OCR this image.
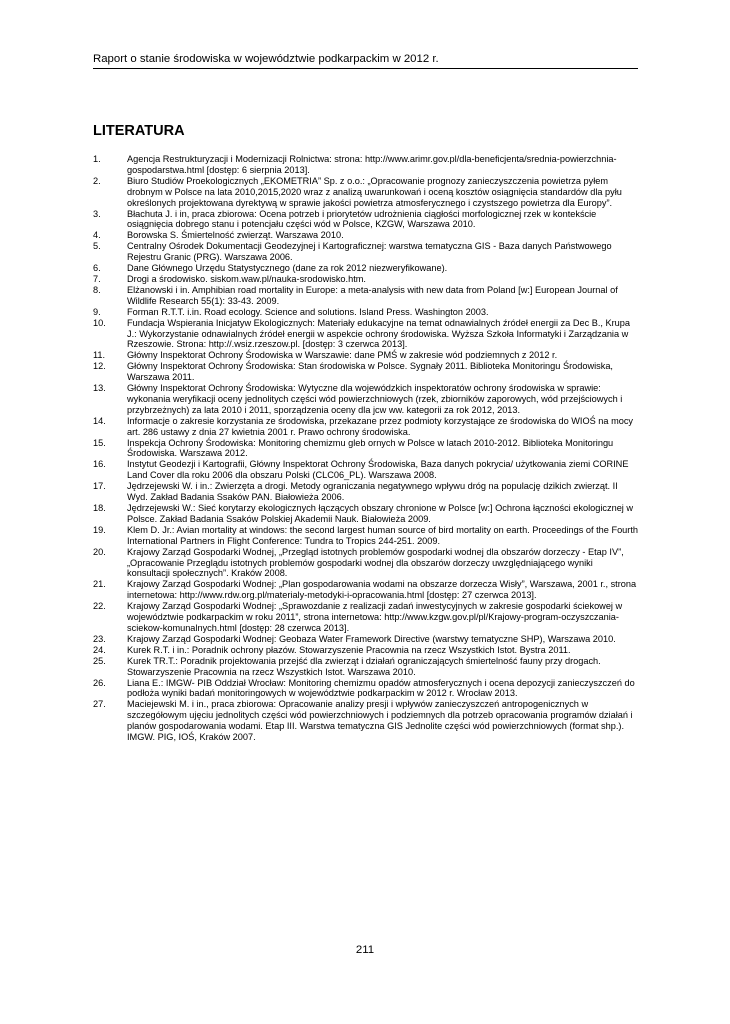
Raport o stanie środowiska w województwie podkarpackim w 2012 r.
LITERATURA
1.	Agencja Restrukturyzacji i Modernizacji Rolnictwa: strona: http://www.arimr.gov.pl/dla-beneficjenta/srednia-powierzchnia-gospodarstwa.html [dostęp: 6 sierpnia 2013].
2.	Biuro Studiów Proekologicznych „EKOMETRIA” Sp. z o.o.: „Opracowanie prognozy zanieczyszczenia powietrza pyłem drobnym w Polsce na lata 2010,2015,2020 wraz z analizą uwarunkowań i oceną kosztów osiągnięcia standardów dla pyłu określonych projektowana dyrektywą w sprawie jakości powietrza atmosferycznego i czystszego powietrza dla Europy”.
3.	Błachuta J. i in, praca zbiorowa: Ocena potrzeb i priorytetów udrożnienia ciągłości morfologicznej rzek w kontekście osiągnięcia dobrego stanu i potencjału części wód w Polsce, KZGW, Warszawa 2010.
4.	Borowska S. Śmiertelność zwierząt. Warszawa 2010.
5.	Centralny Ośrodek Dokumentacji Geodezyjnej i Kartograficznej: warstwa tematyczna GIS - Baza danych Państwowego Rejestru Granic (PRG). Warszawa 2006.
6.	Dane Głównego Urzędu Statystycznego (dane za rok 2012 niezweryfikowane).
7.	Drogi a środowisko. siskom.waw.pl/nauka-srodowisko.htm.
8.	Elżanowski i in. Amphibian road mortality in Europe: a meta-analysis with new data from Poland [w:] European Journal of Wildlife Research 55(1): 33-43. 2009.
9.	Forman R.T.T. i.in. Road ecology. Science and solutions. Island Press. Washington 2003.
10.	Fundacja Wspierania Inicjatyw Ekologicznych: Materiały edukacyjne na temat odnawialnych źródeł energii za Dec B., Krupa J.: Wykorzystanie odnawialnych źródeł energii w aspekcie ochrony środowiska. Wyższa Szkoła Informatyki i Zarządzania w Rzeszowie. Strona: http://.wsiz.rzeszow.pl. [dostęp: 3 czerwca 2013].
11.	Główny Inspektorat Ochrony Środowiska w Warszawie: dane PMŚ w zakresie wód podziemnych z 2012 r.
12.	Główny Inspektorat Ochrony Środowiska: Stan środowiska w Polsce. Sygnały 2011. Biblioteka Monitoringu Środowiska, Warszawa 2011.
13.	Główny Inspektorat Ochrony Środowiska: Wytyczne dla wojewódzkich inspektoratów ochrony środowiska w sprawie: wykonania weryfikacji oceny jednolitych części wód powierzchniowych (rzek, zbiorników zaporowych, wód przejściowych i przybrzeżnych) za lata 2010 i 2011, sporządzenia oceny dla jcw ww. kategorii za rok 2012, 2013.
14.	Informacje o zakresie korzystania ze środowiska, przekazane przez podmioty korzystające ze środowiska do WIOŚ na mocy art. 286 ustawy z dnia 27 kwietnia 2001 r. Prawo ochrony środowiska.
15.	Inspekcja Ochrony Środowiska: Monitoring chemizmu gleb ornych w Polsce w latach 2010-2012. Biblioteka Monitoringu Środowiska. Warszawa 2012.
16.	Instytut Geodezji i Kartografii, Główny Inspektorat Ochrony Środowiska, Baza danych pokrycia/ użytkowania ziemi CORINE Land Cover dla roku 2006 dla obszaru Polski (CLC06_PL). Warszawa 2008.
17.	Jędrzejewski W. i in.: Zwierzęta a drogi. Metody ograniczania negatywnego wpływu dróg na populację dzikich zwierząt. II Wyd. Zakład Badania Ssaków PAN. Białowieża 2006.
18.	Jędrzejewski W.: Sieć korytarzy ekologicznych łączących obszary chronione w Polsce [w:] Ochrona łączności ekologicznej w Polsce. Zakład Badania Ssaków Polskiej Akademii Nauk. Białowieża 2009.
19.	Klem D. Jr.: Avian mortality at windows: the second largest human source of bird mortality on earth. Proceedings of the Fourth International Partners in Flight Conference: Tundra to Tropics 244-251. 2009.
20.	Krajowy Zarząd Gospodarki Wodnej, „Przegląd istotnych problemów gospodarki wodnej dla obszarów dorzeczy - Etap IV”, „Opracowanie Przeglądu istotnych problemów gospodarki wodnej dla obszarów dorzeczy uwzględniającego wyniki konsultacji społecznych”. Kraków 2008.
21.	Krajowy Zarząd Gospodarki Wodnej: „Plan gospodarowania wodami na obszarze dorzecza Wisły”, Warszawa, 2001 r., strona internetowa: http://www.rdw.org.pl/materialy-metodyki-i-opracowania.html [dostęp: 27 czerwca 2013].
22.	Krajowy Zarząd Gospodarki Wodnej: „Sprawozdanie z realizacji zadań inwestycyjnych w zakresie gospodarki ściekowej w województwie podkarpackim w roku 2011”, strona internetowa: http://www.kzgw.gov.pl/pl/Krajowy-program-oczyszczania-sciekow-komunalnych.html [dostęp: 28 czerwca 2013].
23.	Krajowy Zarząd Gospodarki Wodnej: Geobaza Water Framework Directive (warstwy tematyczne SHP), Warszawa 2010.
24.	Kurek R.T. i in.: Poradnik ochrony płazów. Stowarzyszenie Pracownia na rzecz Wszystkich Istot. Bystra 2011.
25.	Kurek TR.T.: Poradnik projektowania przejść dla zwierząt i działań ograniczających śmiertelność fauny przy drogach. Stowarzyszenie Pracownia na rzecz Wszystkich Istot. Warszawa 2010.
26.	Liana E.: IMGW- PIB Oddział Wrocław: Monitoring chemizmu opadów atmosferycznych i ocena depozycji zanieczyszczeń do podłoża wyniki badań monitoringowych w województwie podkarpackim w 2012 r. Wrocław 2013.
27.	Maciejewski M. i in., praca zbiorowa: Opracowanie analizy presji i wpływów zanieczyszczeń antropogenicznych w szczegółowym ujęciu jednolitych części wód powierzchniowych i podziemnych dla potrzeb opracowania programów działań i planów gospodarowania wodami. Etap III. Warstwa tematyczna GIS Jednolite części wód powierzchniowych (format shp.). IMGW. PIG, IOŚ, Kraków 2007.
211
